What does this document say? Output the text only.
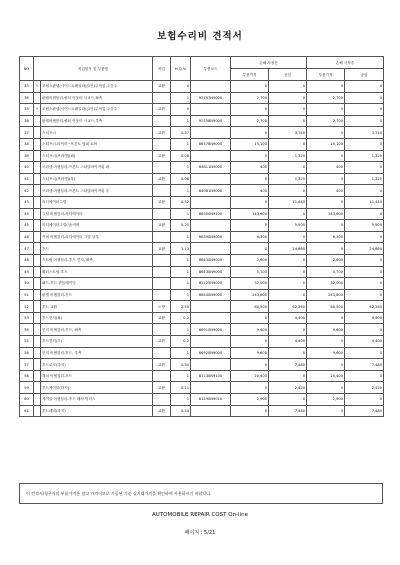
보험수리비 견적서
NO	작업항목 및 부품명		작업	H,Q,%	부품코드	손해 사정전		손해 사정후	
						부품가격	공임	부품가격	공임
33	†	조립스판넬(사이드트레일라)(1인)주작업,주간주	교환	0		0	0	0	0
34		판넬어셈블리-쿼터 아웃터 사교드,좌측		1	92157N9000	2,700	0	2,700	0
35	†	조립스판넬(사이드트레일라)(1인)주작업,주간주	교환	0		0	0	0	0
36		판넬어셈블리-쿼터 아웃터 사교드,우측		1	92158N9000	2,700	0	2,700	0
37		스티프너	교환	0.37		0	3,740	0	3,740
38		스티프너-라이어~프론트 범퍼 로어		1	86578N9000	15,100	0	15,100	0
39		스티프너(브라켓)(좌)	교환	0.08		0	1,320	0	1,320
40		브라켓 어셈블리-프론트 스타빌라이저링 좌		1	64811N9000	400	0	400	0
41		스티프너(브라켓)(우)	교환	0.08		0	1,320	0	1,320
42		브라켓 어셈블리-프론트 스타빌라이저링 우		1	64981N9000	400	0	400	0
43		라디에이터그릴	교환	0.52		0	11,440	0	11,440
44		그릴 어셈블리-라디에이터		1	86350N9100	143,600	0	143,600	0
45		라디에이터그릴(상)커버	교환	0.25		0	5,500	0	5,500
46		커버 어셈블리-라디에이터 그릴 상부		1	86390N9000	6,300	0	6,300	0
47		후드	교환	1.13		0	24,860	0	24,860
48		스트립 어셈블리-후드 힌지, 좌측		1	86430N9000	2,600	0	2,600	0
49		웨더스트립-후드		1	86430N9000	5,700	0	5,700	0
50		패드-후드 관음레이딩		1	81125N9000	32,000	0	32,000	0
51		판넬 어셈블리-후드		1	66400N9000	243,800	0	243,800	0
52		후드 교환	도장	2.55		60,500	62,260	60,500	62,260
53		후드힌지(좌)	교환	0.2		0	4,400	0	4,400
54		힌지 어셈블리-후드, 좌측		1	66910N9000	9,600	0	9,600	0
55		후드힌지(우)	교환	0.2		0	4,400	0	4,400
56		힌지 어셈블리-후드, 우측		1	66920N9000	9,600	0	9,600	0
57		후드로크(하지)	교환	0.34		0	7,480	0	7,480
58		래치 어셈블리-후드		1	81130N9100	20,400	0	20,400	0
59		후드케이블(하지)	교환	0.11		0	2,420	0	2,420
60		케이블 어셈블리-후드 래치 릴리스		1	81190N9010	2,900	0	2,900	0
61		후드레버(하지)	교환	0.34		0	7,480	0	7,480
이 견적서/청구서의 부품가격은 참고 가격이므로 가공된 기준 실거래가격을 확인하여 사용하시기 바랍니다.
AUTOMOBILE REPAIR COST On-line
페이지 : 5/21
